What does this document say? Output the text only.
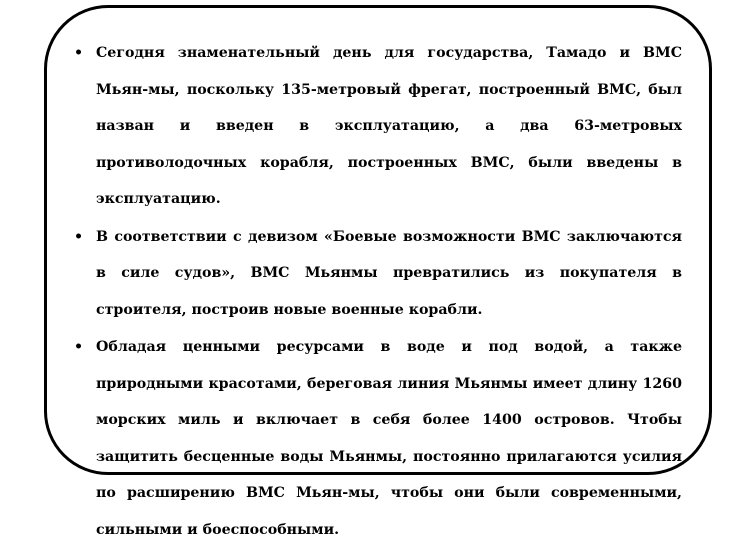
• Сегодня знаменательный день для государства, Тамадо и ВМС Мьян-мы, поскольку 135-метровый фрегат, построенный ВМС, был назван и введен в эксплуатацию, а два 63-метровых противолодочных корабля, построенных ВМС, были введены в эксплуатацию.
• В соответствии с девизом «Боевые возможности ВМС заключаются в силе судов», ВМС Мьянмы превратились из покупателя в строителя, построив новые военные корабли.
• Обладая ценными ресурсами в воде и под водой, а также природными красотами, береговая линия Мьянмы имеет длину 1260 морских миль и включает в себя более 1400 островов. Чтобы защитить бесценные воды Мьянмы, постоянно прилагаются усилия по расширению ВМС Мьян-мы, чтобы они были современными, сильными и боеспособными.
